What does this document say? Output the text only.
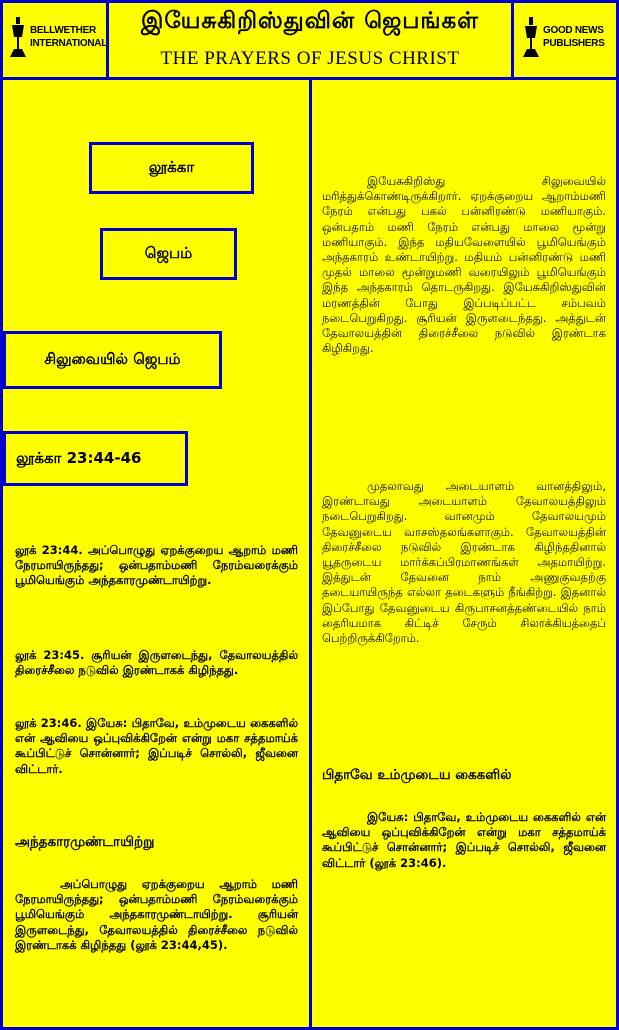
BELLWETHER
INTERNATIONAL
இயேசுகிறிஸ்துவின் ஜெபங்கள்
THE PRAYERS OF JESUS CHRIST
GOOD NEWS
PUBLISHERS
லூக்கா
ஜெபம்
சிலுவையில் ஜெபம்
லூக்கா 23:44-46
லூக் 23:44. அப்பொழுது ஏறக்குறைய ஆறாம் மணி நேரமாயிருந்தது; ஒன்பதாம்மணி நேரம்வரைக்கும் பூமியெங்கும் அந்தகாரமுண்டாயிற்று.
லூக் 23:45. சூரியன் இருளடைந்து, தேவாலயத்தில் திரைச்சீலை நடுவில் இரண்டாகக் கிழிந்தது.
லூக் 23:46. இயேசு: பிதாவே, உம்முடைய கைகளில் என் ஆவியை ஒப்புவிக்கிறேன் என்று மகா சத்தமாய்க் கூப்பிட்டுச் சொன்னார்; இப்படிச் சொல்லி, ஜீவனை விட்டார்.
அந்தகாரமுண்டாயிற்று
அப்பொழுது ஏறக்குறைய ஆறாம் மணி நேரமாயிருந்தது; ஒன்பதாம்மணி நேரம்வரைக்கும் பூமியெங்கும் அந்தகாரமுண்டாயிற்று. சூரியன் இருளடைந்து, தேவாலயத்தில் திரைச்சீலை நடுவில் இரண்டாகக் கிழிந்தது (லூக் 23:44,45).
இயேசுகிறிஸ்து சிலுவையில் மரித்துக்கொண்டிருக்கிறார். ஏறக்குறைய ஆறாம்மணி நேரம் என்பது பகல் பன்னிரண்டு மணியாகும். ஒன்பதாம் மணி நேரம் என்பது மாலை மூன்று மணியாகும். இந்த மதியவேளையில் பூமியெங்கும் அந்தகாரம் உண்டாயிற்று. மதியம் பன்னிரண்டு மணி முதல் மாலை மூன்றுமணி வரையிலும் பூமியெங்கும் இந்த அந்தகாரம் தொடருகிறது. இயேசுகிறிஸ்துவின் மரணத்தின் போது இப்படிப்பட்ட சம்பவம் நடைபெறுகிறது. சூரியன் இருளடைந்தது. அத்துடன் தேவாலயத்தின் திரைச்சீலை நடுவில் இரண்டாக கிழிகிறது.
முதலாவது அடையாளம் வானத்திலும், இரண்டாவது அடையாளம் தேவாலயத்திலும் நடைபெறுகிறது. வானமும் தேவாலயமும் தேவனுடைய வாசஸ்தலங்களாகும். தேவாலயத்தின் திரைச்சீலை நடுவில் இரண்டாக கிழிந்ததினால் யூதருடைய மார்க்கப்பிரமாணங்கள் அதமாயிற்று. இத்துடன் தேவனை நாம் அணுகுவதற்கு தடையாயிருந்த எல்லா தடைகளும் நீங்கிற்று. இதனால் இப்போது தேவனுடைய கிருபாசனத்தண்டையில் நாம் தைரியமாக கிட்டிச் சேரும் சிலாக்கியத்தைப் பெற்றிருக்கிறோம்.
பிதாவே உம்முடைய கைகளில்
இயேசு: பிதாவே, உம்முடைய கைகளில் என் ஆவியை ஒப்புவிக்கிறேன் என்று மகா சத்தமாய்க் கூப்பிட்டுச் சொன்னார்; இப்படிச் சொல்லி, ஜீவனை விட்டார் (லூக் 23:46).
